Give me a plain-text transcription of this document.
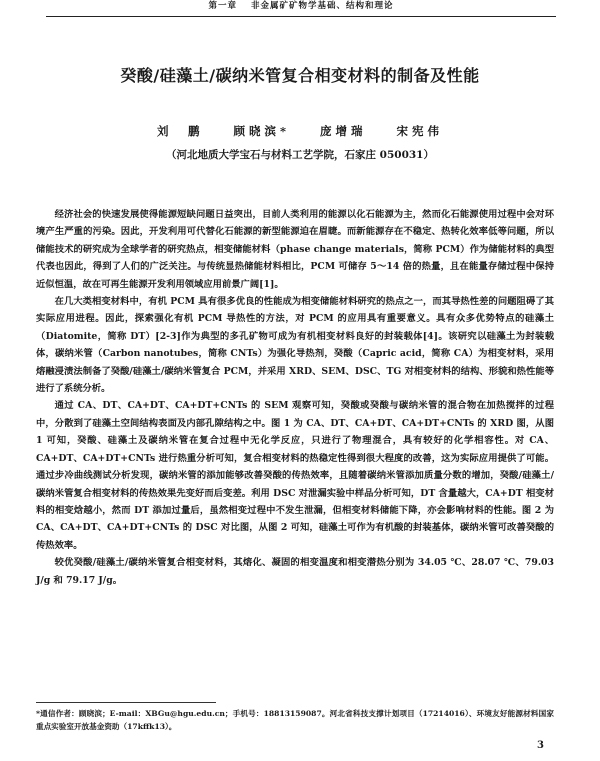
第一章 非金属矿矿物学基础、结构和理论
癸酸/硅藻土/碳纳米管复合相变材料的制备及性能
刘　鹏	顾晓滨*	庞增瑞	宋宪伟
（河北地质大学宝石与材料工艺学院，石家庄 050031）

经济社会的快速发展使得能源短缺问题日益突出，目前人类利用的能源以化石能源为主，然而化石能源使用过程中会对环境产生严重的污染。因此，开发利用可代替化石能源的新型能源迫在眉睫。而新能源存在不稳定、热转化效率低等问题，所以储能技术的研究成为全球学者的研究热点，相变储能材料（phase change materials，简称 PCM）作为储能材料的典型代表也因此，得到了人们的广泛关注。与传统显热储能材料相比，PCM 可储存 5～14 倍的热量，且在能量存储过程中保持近似恒温，故在可再生能源开发利用领域应用前景广阔[1]。

在几大类相变材料中，有机 PCM 具有很多优良的性能成为相变储能材料研究的热点之一，而其导热性差的问题阻碍了其实际应用进程。因此，探索强化有机 PCM 导热性的方法，对 PCM 的应用具有重要意义。具有众多优势特点的硅藻土（Diatomite，简称 DT）[2-3]作为典型的多孔矿物可成为有机相变材料良好的封装载体[4]。该研究以硅藻土为封装载体，碳纳米管（Carbon nanotubes，简称 CNTs）为强化导热剂，癸酸（Capric acid，简称 CA）为相变材料，采用熔融浸渍法制备了癸酸/硅藻土/碳纳米管复合 PCM，并采用 XRD、SEM、DSC、TG 对相变材料的结构、形貌和热性能等进行了系统分析。

通过 CA、DT、CA+DT、CA+DT+CNTs 的 SEM 观察可知，癸酸或癸酸与碳纳米管的混合物在加热搅拌的过程中，分散到了硅藻土空间结构表面及内部孔隙结构之中。图 1 为 CA、DT、CA+DT、CA+DT+CNTs 的 XRD 图，从图 1 可知，癸酸、硅藻土及碳纳米管在复合过程中无化学反应，只进行了物理混合，具有较好的化学相容性。对 CA、CA+DT、CA+DT+CNTs 进行热重分析可知，复合相变材料的热稳定性得到很大程度的改善，这为实际应用提供了可能。通过步冷曲线测试分析发现，碳纳米管的添加能够改善癸酸的传热效率，且随着碳纳米管添加质量分数的增加，癸酸/硅藻土/碳纳米管复合相变材料的传热效果先变好而后变差。利用 DSC 对泄漏实验中样品分析可知，DT 含量越大，CA+DT 相变材料的相变焓越小，然而 DT 添加过量后，虽然相变过程中不发生泄漏，但相变材料储能下降，亦会影响材料的性能。图 2 为 CA、CA+DT、CA+DT+CNTs 的 DSC 对比图，从图 2 可知，硅藻土可作为有机酸的封装基体，碳纳米管可改善癸酸的传热效率。

较优癸酸/硅藻土/碳纳米管复合相变材料，其熔化、凝固的相变温度和相变潜热分别为 34.05 ℃、28.07 ℃、79.03 J/g 和 79.17 J/g。

*通信作者：顾晓滨；E-mail：XBGu@hgu.edu.cn；手机号：18813159087。河北省科技支撑计划项目（17214016）、环境友好能源材料国家重点实验室开放基金资助（17kffk13）。
3
